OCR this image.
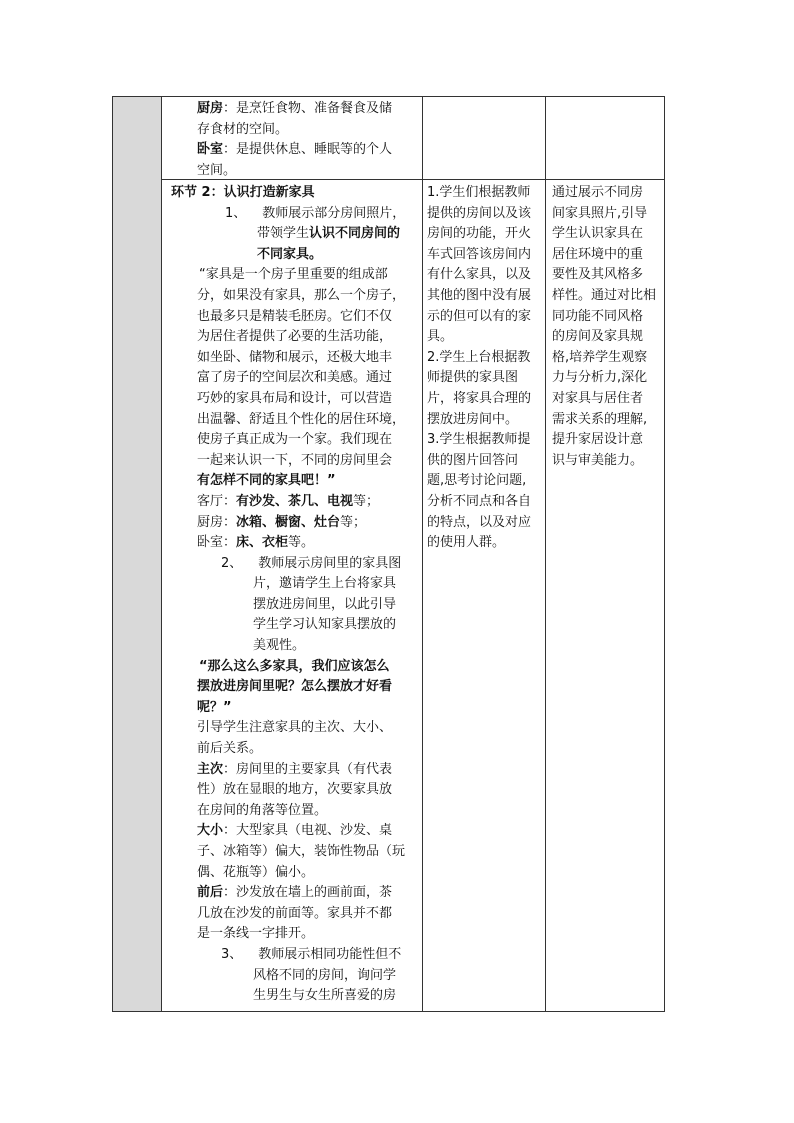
厨房：是烹饪食物、准备餐食及储
存食材的空间。
卧室：是提供休息、睡眠等的个人
空间。
环节 2：认识打造新家具
1、 教师展示部分房间照片，
带领学生认识不同房间的
不同家具。
“家具是一个房子里重要的组成部
分，如果没有家具，那么一个房子，
也最多只是精装毛胚房。它们不仅
为居住者提供了必要的生活功能，
如坐卧、储物和展示，还极大地丰
富了房子的空间层次和美感。通过
巧妙的家具布局和设计，可以营造
出温馨、舒适且个性化的居住环境，
使房子真正成为一个家。我们现在
一起来认识一下，不同的房间里会
有怎样不同的家具吧！”
客厅：有沙发、茶几、电视等；
厨房：冰箱、橱窗、灶台等；
卧室：床、衣柜等。
2、 教师展示房间里的家具图
片，邀请学生上台将家具
摆放进房间里，以此引导
学生学习认知家具摆放的
美观性。
“那么这么多家具，我们应该怎么
摆放进房间里呢？怎么摆放才好看
呢？”
引导学生注意家具的主次、大小、
前后关系。
主次：房间里的主要家具（有代表
性）放在显眼的地方，次要家具放
在房间的角落等位置。
大小：大型家具（电视、沙发、桌
子、冰箱等）偏大，装饰性物品（玩
偶、花瓶等）偏小。
前后：沙发放在墙上的画前面，茶
几放在沙发的前面等。家具并不都
是一条线一字排开。
3、 教师展示相同功能性但不
风格不同的房间，询问学
生男生与女生所喜爱的房
1.学生们根据教师
提供的房间以及该
房间的功能，开火
车式回答该房间内
有什么家具，以及
其他的图中没有展
示的但可以有的家
具。
2.学生上台根据教
师提供的家具图
片，将家具合理的
摆放进房间中。
3.学生根据教师提
供的图片回答问
题,思考讨论问题,
分析不同点和各自
的特点，以及对应
的使用人群。
通过展示不同房
间家具照片,引导
学生认识家具在
居住环境中的重
要性及其风格多
样性。通过对比相
同功能不同风格
的房间及家具规
格,培养学生观察
力与分析力,深化
对家具与居住者
需求关系的理解,
提升家居设计意
识与审美能力。
